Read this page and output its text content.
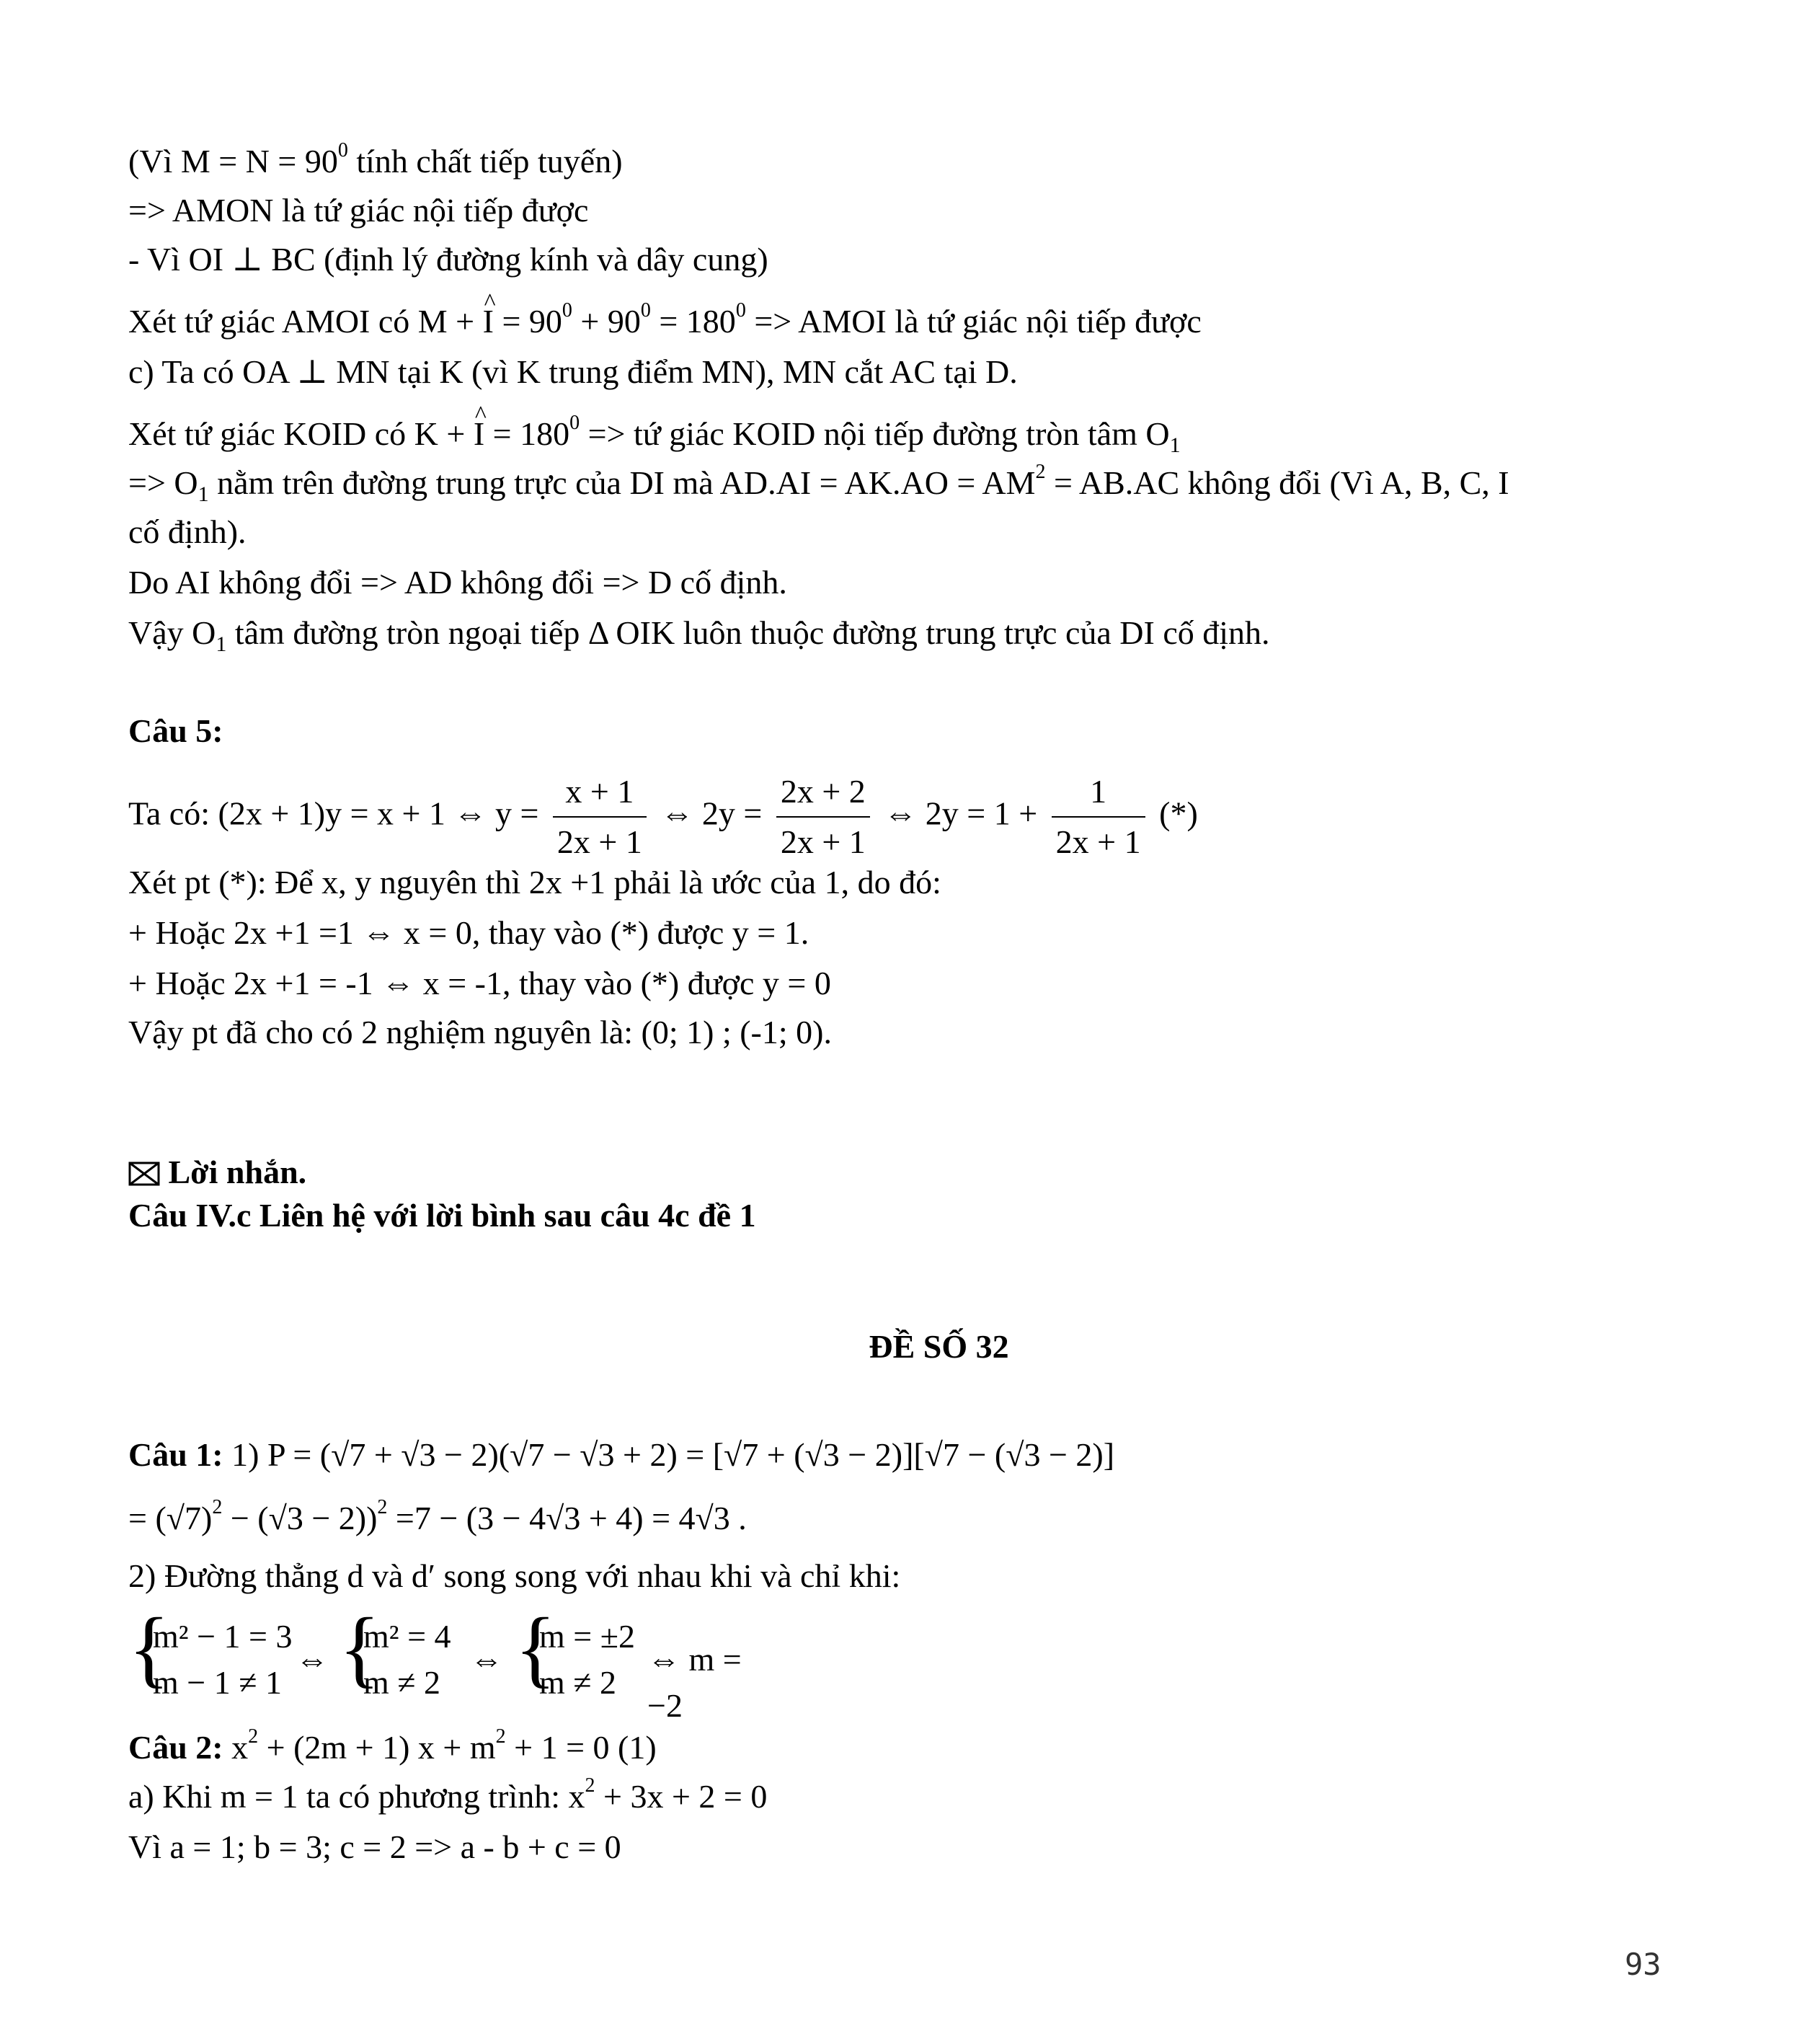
(Vì $M = N = 90^0$ tính chất tiếp tuyến)
=> AMON là tứ giác nội tiếp được
- Vì OI ⊥ BC (định lý đường kính và dây cung)
Xét tứ giác AMOI có M + I ^ = $90^0 + 90^0 = 180^0$ => AMOI là tứ giác nội tiếp được
c) Ta có OA ⊥ MN tại K (vì K trung điểm MN), MN cắt AC tại D.
Xét tứ giác KOID có K + I ^ = $180^0$ => tứ giác KOID nội tiếp đường tròn tâm $O_1$
=> $O_1$ nằm trên đường trung trực của DI mà $AD.AI = AK.AO = AM^2 = AB.AC$ không đổi (Vì A, B, C, I
cố định).
Do AI không đổi => AD không đổi => D cố định.
Vậy $O_1$ tâm đường tròn ngoại tiếp Δ OIK luôn thuộc đường trung trực của DI cố định.
Câu 5:
Ta có: (2x + 1)y = x + 1 ⇔ $y = \frac{x + 1}{2x + 1}$ ⇔ $2y = \frac{2x + 2}{2x + 1}$ ⇔ $2y = 1 + \frac{1}{2x + 1}$ (*)
Xét pt (*): Để x, y nguyên thì 2x +1 phải là ước của 1, do đó:
+ Hoặc 2x +1 =1 ⇔ x = 0, thay vào (*) được y = 1.
+ Hoặc 2x +1 = -1 ⇔ x = -1, thay vào (*) được y = 0
Vậy pt đã cho có 2 nghiệm nguyên là: (0; 1) ; (-1; 0).
Lời nhắn.
Câu IV.c Liên hệ với lời bình sau câu 4c đề 1
ĐỀ SỐ 32
Câu 1: 1) P = (√7 + √3 − 2)(√7 − √3 + 2) = [√7 + (√3 − 2)][√7 − (√3 − 2)]
= $(√7)^2 - (√3 - 2))^2 =7 - (3 - 4√3 + 4) = 4√3$ .
2) Đường thẳng d và d′ song song với nhau khi và chỉ khi:
{
m² − 1 = 3
m − 1 ≠ 1
⇔ {
m² = 4
m ≠ 2
⇔ {
m = ±2
m ≠ 2
⇔ m = −2
Câu 2: $x^2 + (2m + 1) x + m^2 + 1 = 0$ (1)
a) Khi m = 1 ta có phương trình: $x^2 + 3x + 2 = 0$
Vì a = 1; b = 3; c = 2 => a - b + c = 0
93
